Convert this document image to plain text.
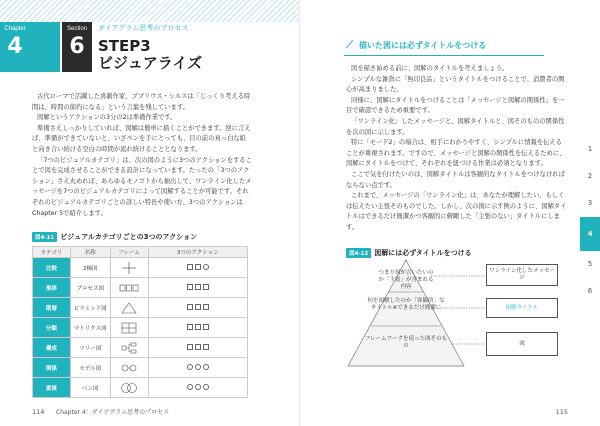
Chapter
4
Section
6
ダイアグラム思考のプロセス
STEP3
ビジュアライズ

古代ローマで活躍した喜劇作家、プブリウス・シルスは「じっくり考える時間は、時間の節約になる」という言葉を残しています。

図解というアクションの3分の2は準備作業です。

準備さえしっかりしていれば、図解は簡単に描くことができます。逆に言えば、準備ができていないと、いざペンを手にとっても、目の前の真っ白な紙と向き合い続ける空白の時間が流れ続けることとなります。

「7つのビジュアルカテゴリ」は、次の図のように3つのアクションをすることで図を完成させることができる設計になっています。たったの「3つのアクション」さえ丸めれば、あらゆるモノゴトから抽出して、ワンライン化したメッセージを7つのビジュアルカテゴリによって図解することが可能です。それぞれのビジュアルカテゴリごとの詳しい特長や使い方、3つのアクションはChapter 5で紹介します。

図4-11 ビジュアルカテゴリごとの3つのアクション
カテゴリ	名称	フレーム	3つのアクション
比較	2軸図		
推移	プロセス図		
階層	ピラミッド図		
分類	マトリクス図		
構成	ツリー図		
関係	モデル図		
重複	ベン図		
114 Chapter 4：ダイアグラム思考のプロセス
⟋ 描いた図には必ずタイトルをつける

図を描き始める前に、図解のタイトルを考えましょう。

シンプルな雑貨に「無印良品」というタイトルをつけることで、消費者の関心が高まりました。

同様に、図解にタイトルをつけることは「メッセージと図解の関係性」を一目で確認できるため重要です。

「ワンライン化」したメッセージと、図解タイトルと、図そのものの関係性を次の図に示します。

特に「モード2」の場合は、相手にわかりやすく、シンプルに情報を伝えることが重視されます。ですので、メッセージと図解の関係性を伝えるために、図解にタイトルをつけて、それぞれを紐づける作業は必須となります。

ここで気を付けたいのは、図解タイトルは客観的なタイトルをつけなければならない点です。

これまで、メッセージの「ワンライン化」は、あなたが理解したい、もしくは伝えたい主張そのものでした。しかし、次の図に示す例のように、図解タイトルはできるだけ簡潔かつ客観的に俯瞰した「主張のない」タイトルにします。

図4-12 図解には必ずタイトルをつける
つまり何が言いたいのか「主張」が含まれる内容
何を図解したのか「客観的」なタイトル※できるだけ簡潔に
フレームワークを使った図そのもの
ワンライン化したメッセージ
図解タイトル
図
1
2
3
4
5
6
115
